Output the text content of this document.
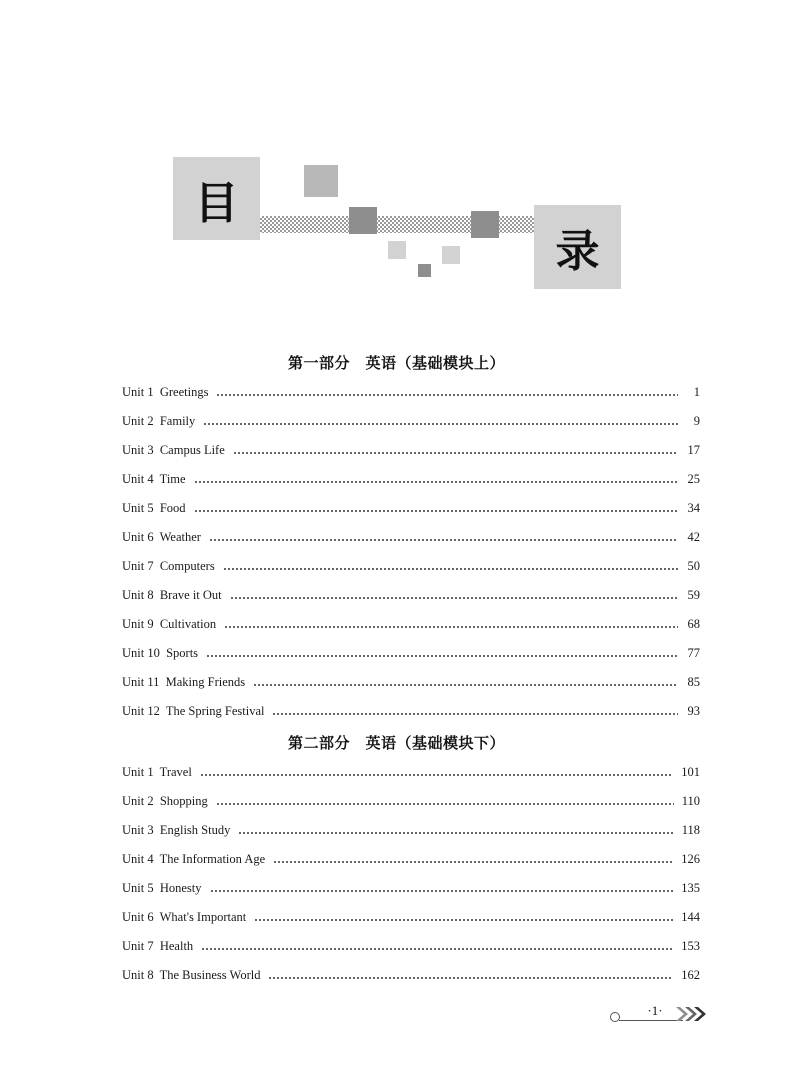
目
录
第一部分　英语（基础模块上）
Unit 1  Greetings	1
Unit 2  Family	9
Unit 3  Campus Life	17
Unit 4  Time	25
Unit 5  Food	34
Unit 6  Weather	42
Unit 7  Computers	50
Unit 8  Brave it Out	59
Unit 9  Cultivation	68
Unit 10  Sports	77
Unit 11  Making Friends	85
Unit 12  The Spring Festival	93
第二部分　英语（基础模块下）
Unit 1  Travel	101
Unit 2  Shopping	110
Unit 3  English Study	118
Unit 4  The Information Age	126
Unit 5  Honesty	135
Unit 6  What's Important	144
Unit 7  Health	153
Unit 8  The Business World	162
·1·
